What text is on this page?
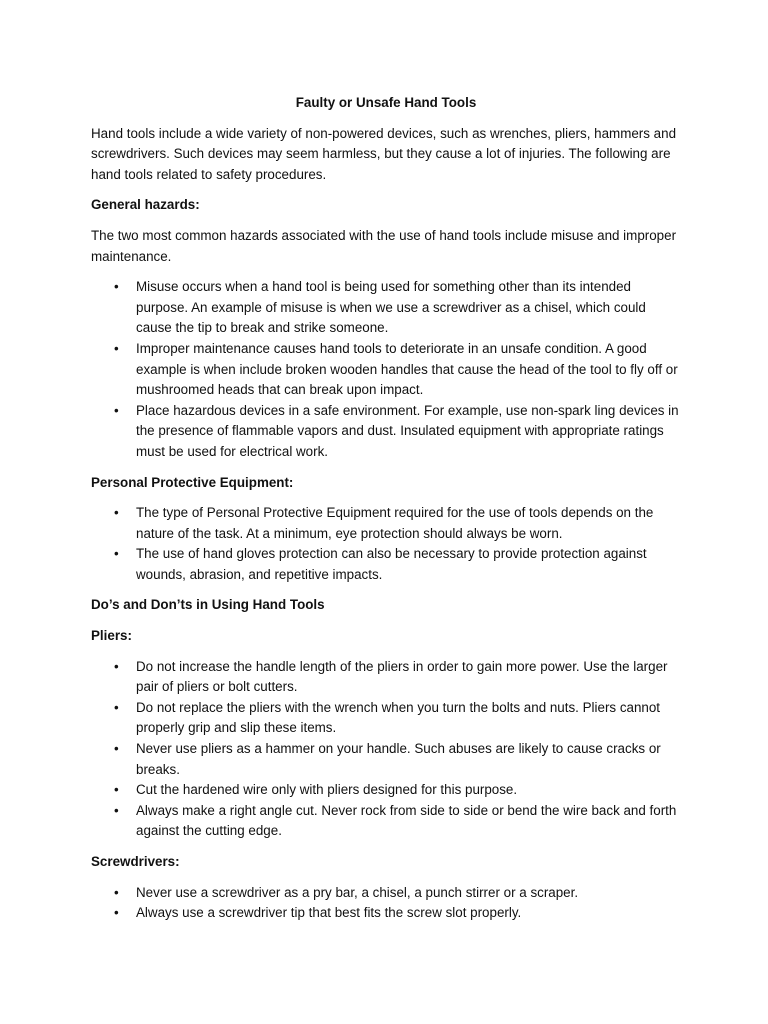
Faulty or Unsafe Hand Tools

Hand tools include a wide variety of non-powered devices, such as wrenches, pliers, hammers and screwdrivers. Such devices may seem harmless, but they cause a lot of injuries. The following are hand tools related to safety procedures.

General hazards:

The two most common hazards associated with the use of hand tools include misuse and improper maintenance.

• Misuse occurs when a hand tool is being used for something other than its intended purpose. An example of misuse is when we use a screwdriver as a chisel, which could cause the tip to break and strike someone.
• Improper maintenance causes hand tools to deteriorate in an unsafe condition. A good example is when include broken wooden handles that cause the head of the tool to fly off or mushroomed heads that can break upon impact.
• Place hazardous devices in a safe environment. For example, use non-spark ling devices in the presence of flammable vapors and dust. Insulated equipment with appropriate ratings must be used for electrical work.
Personal Protective Equipment:
• The type of Personal Protective Equipment required for the use of tools depends on the nature of the task. At a minimum, eye protection should always be worn.
• The use of hand gloves protection can also be necessary to provide protection against wounds, abrasion, and repetitive impacts.
Do’s and Don’ts in Using Hand Tools
Pliers:
• Do not increase the handle length of the pliers in order to gain more power. Use the larger pair of pliers or bolt cutters.
• Do not replace the pliers with the wrench when you turn the bolts and nuts. Pliers cannot properly grip and slip these items.
• Never use pliers as a hammer on your handle. Such abuses are likely to cause cracks or breaks.
• Cut the hardened wire only with pliers designed for this purpose.
• Always make a right angle cut. Never rock from side to side or bend the wire back and forth against the cutting edge.
Screwdrivers:
• Never use a screwdriver as a pry bar, a chisel, a punch stirrer or a scraper.
• Always use a screwdriver tip that best fits the screw slot properly.
